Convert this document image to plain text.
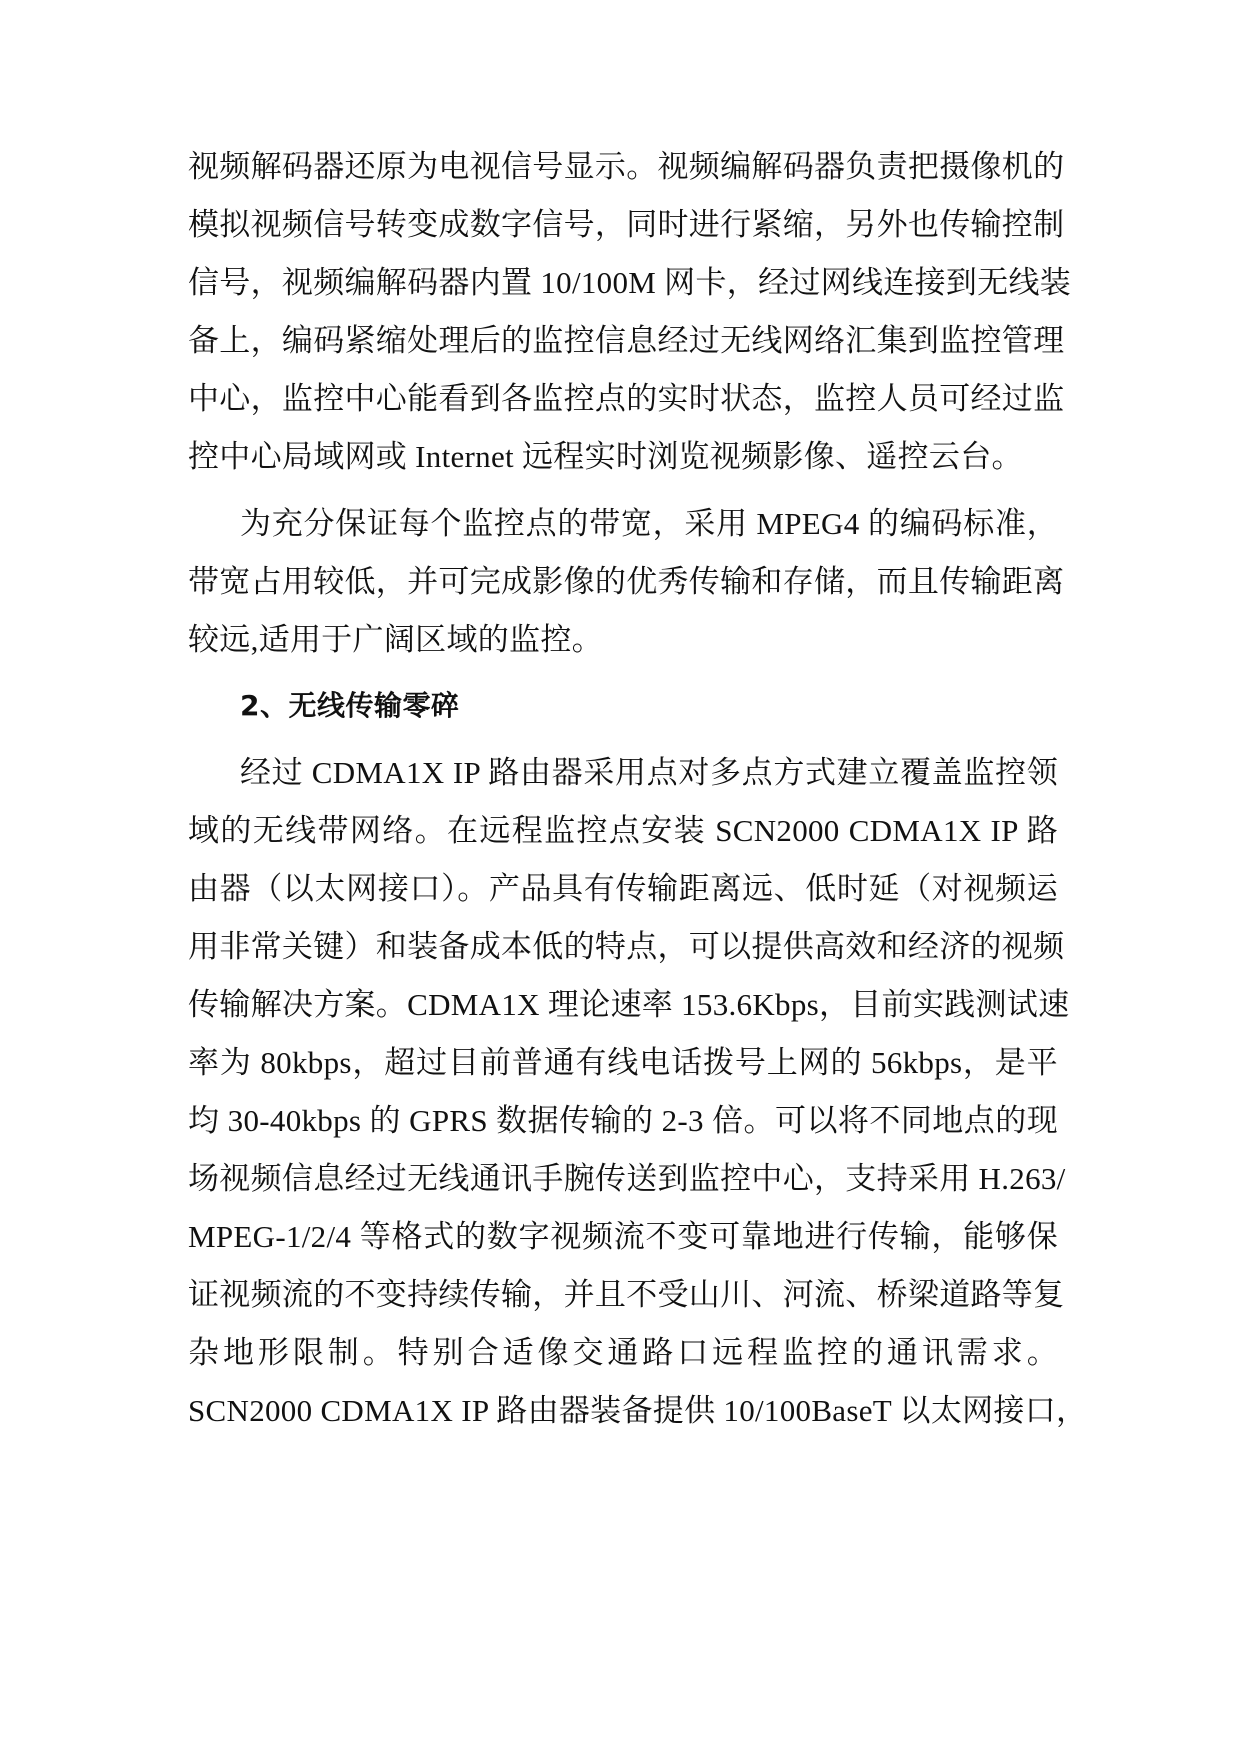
视频解码器还原为电视信号显示。视频编解码器负责把摄像机的
模拟视频信号转变成数字信号，同时进行紧缩，另外也传输控制
信号，视频编解码器内置 10/100M 网卡，经过网线连接到无线装
备上，编码紧缩处理后的监控信息经过无线网络汇集到监控管理
中心，监控中心能看到各监控点的实时状态，监控人员可经过监
控中心局域网或 Internet 远程实时浏览视频影像、遥控云台。
为充分保证每个监控点的带宽，采用 MPEG4 的编码标准，
带宽占用较低，并可完成影像的优秀传输和存储，而且传输距离
较远,适用于广阔区域的监控。
2、无线传输零碎
经过 CDMA1X IP 路由器采用点对多点方式建立覆盖监控领
域的无线带网络。在远程监控点安装 SCN2000 CDMA1X IP 路
由器（以太网接口）。产品具有传输距离远、低时延（对视频运
用非常关键）和装备成本低的特点，可以提供高效和经济的视频
传输解决方案。CDMA1X 理论速率 153.6Kbps，目前实践测试速
率为 80kbps，超过目前普通有线电话拨号上网的 56kbps，是平
均 30-40kbps 的 GPRS 数据传输的 2-3 倍。可以将不同地点的现
场视频信息经过无线通讯手腕传送到监控中心，支持采用 H.263/
MPEG-1/2/4 等格式的数字视频流不变可靠地进行传输，能够保
证视频流的不变持续传输，并且不受山川、河流、桥梁道路等复
杂地形限制。特别合适像交通路口远程监控的通讯需求。
SCN2000 CDMA1X IP 路由器装备提供 10/100BaseT 以太网接口，
